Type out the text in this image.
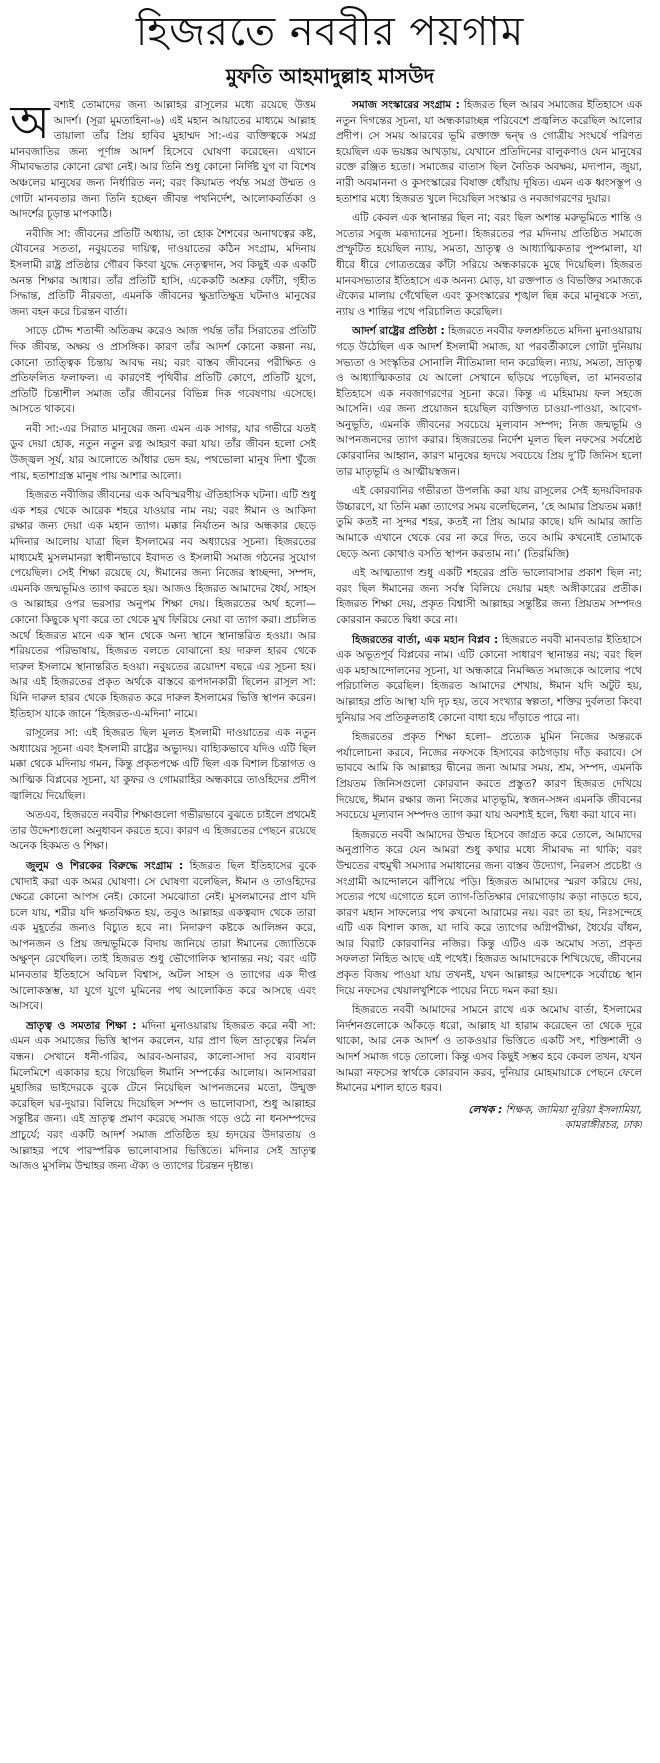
হিজরতে নববীর পয়গাম
মুফতি আহমাদুল্লাহ মাসউদ

অবশ্যই তোমাদের জন্য আল্লাহর রাসূলের মধ্যে রয়েছে উত্তম আদর্শ। (সূরা মুমতাহিনা-৬) এই মহান আয়াতের মাধ্যমে আল্লাহ তায়ালা তাঁর প্রিয় হাবিব মুহাম্মদ সা:-এর ব্যক্তিত্বকে সমগ্র মানবজাতির জন্য পূর্ণাঙ্গ আদর্শ হিসেবে ঘোষণা করেছেন। এখানে সীমাবদ্ধতার কোনো রেখা নেই। আর তিনি শুধু কোনো নির্দিষ্ট যুগ বা বিশেষ অঞ্চলের মানুষের জন্য নির্ধারিত নন; বরং কিয়ামত পর্যন্ত সমগ্র উম্মত ও গোটা মানবতার জন্য তিনি হচ্ছেন জীবন্ত পথনির্দেশ, আলোকবর্তিকা ও আদর্শের চূড়ান্ত মাপকাঠি।

নবীজি সা: জীবনের প্রতিটি অধ্যায়, তা হোক শৈশবের অনাথত্বের কষ্ট, যৌবনের সততা, নবুয়তের দায়িত্ব, দাওয়াতের কঠিন সংগ্রাম, মদিনায় ইসলামী রাষ্ট্র প্রতিষ্ঠার গৌরব কিংবা যুদ্ধে নেতৃত্বদান, সব কিছুই এক একটি অনন্ত শিক্ষার আধার। তাঁর প্রতিটি হাসি, একেকটি অশ্রুর ফোঁটা, গৃহীত সিদ্ধান্ত, প্রতিটি নীরবতা, এমনকি জীবনের ক্ষুদ্রাতিক্ষুদ্র ঘটনাও মানুষের জন্য বহন করে চিরন্তন বার্তা।

সাড়ে চৌদ্দ শতাব্দী অতিক্রম করেও আজ পর্যন্ত তাঁর সিরাতের প্রতিটি দিক জীবন্ত, অক্ষয় ও প্রাসঙ্গিক। কারণ তাঁর আদর্শ কোনো কল্পনা নয়, কোনো তাত্ত্বিক চিন্তায় আবদ্ধ নয়; বরং বাস্তব জীবনের পরীক্ষিত ও প্রতিফলিত ফলাফল। এ কারণেই পৃথিবীর প্রতিটি কোণে, প্রতিটি যুগে, প্রতিটি চিন্তাশীল সমাজ তাঁর জীবনের বিভিন্ন দিক গবেষণায় এসেছে। আসতে থাকবে।

নবী সা:-এর সিরাত মানুষের জন্য এমন এক সাগর, যার গভীরে যতই ডুব দেয়া হোক, নতুন নতুন রত্ন আহরণ করা যায়। তাঁর জীবন হলো সেই উজ্জ্বল সূর্য, যার আলোতে আঁধার ভেদ হয়, পথভোলা মানুষ দিশা খুঁজে পায়, হতাশাগ্রস্ত মানুষ পায় আশার আলো।

হিজরত নবীজির জীবনের এক অবিস্মরণীয় ঐতিহাসিক ঘটনা। এটি শুধু এক শহর থেকে আরেক শহরে যাওয়ার নাম নয়; বরং ঈমান ও আকিদা রক্ষার জন্য দেয়া এক মহান ত্যাগ। মক্কার নির্যাতন আর অন্ধকার ছেড়ে মদিনার আলোয় যাত্রা ছিল ইসলামের নব অধ্যায়ের সূচনা। হিজরতের মাধ্যমেই মুসলমানরা স্বাধীনভাবে ইবাদত ও ইসলামী সমাজ গঠনের সুযোগ পেয়েছিল। সেই শিক্ষা রয়েছে যে, ঈমানের জন্য নিজের স্বাচ্ছন্দ্য, সম্পদ, এমনকি জন্মভূমিও ত্যাগ করতে হয়। আজও হিজরত আমাদের ধৈর্য, সাহস ও আল্লাহর ওপর ভরসার অনুপম শিক্ষা দেয়। হিজরতের অর্থ হলো— কোনো কিছুকে ঘৃণা করে তা থেকে মুখ ফিরিয়ে নেয়া বা ত্যাগ করা। প্রচলিত অর্থে হিজরত মানে এক স্থান থেকে অন্য স্থানে স্থানান্তরিত হওয়া। আর শরিয়তের পরিভাষায়, হিজরত বলতে বোঝানো হয় দারুল হারব থেকে দারুল ইসলামে স্থানান্তরিত হওয়া। নবুয়তের ত্রয়োদশ বছরে এর সূচনা হয়। আর এই হিজরতের প্রকৃত অর্থকে বাস্তবে রূপদানকারী ছিলেন রাসূল সা: যিনি দারুল হারব থেকে হিজরত করে দারুল ইসলামের ভিত্তি স্থাপন করেন। ইতিহাস যাকে জানে ‘হিজরত-এ-মদিনা’ নামে।

রাসূলের সা: এই হিজরত ছিল মূলত ইসলামী দাওয়াতের এক নতুন অধ্যায়ের সূচনা এবং ইসলামী রাষ্ট্রের অভ্যুদয়। বাহ্যিকভাবে যদিও এটি ছিল মক্কা থেকে মদিনায় গমন, কিন্তু প্রকৃতপক্ষে এটি ছিল এক বিশাল চিন্তাগত ও আত্মিক বিপ্লবের সূচনা, যা কুফর ও গোমরাহির অন্ধকারে তাওহিদের প্রদীপ জ্বালিয়ে দিয়েছিল।

অতএব, হিজরতে নববীর শিক্ষাগুলো গভীরভাবে বুঝতে চাইলে প্রথমেই তার উদ্দেশ্যগুলো অনুধাবন করতে হবে। কারণ এ হিজরতের পেছনে রয়েছে অনেক হিকমত ও শিক্ষা।

জুলুম ও শিরকের বিরুদ্ধে সংগ্রাম : হিজরত ছিল ইতিহাসের বুকে খোদাই করা এক অমর ঘোষণা। সে ঘোষণা বলেছিল, ঈমান ও তাওহিদের ক্ষেত্রে কোনো আপস নেই। কোনো সমঝোতা নেই। মুসলমানের প্রাণ যদি চলে যায়, শরীর যদি ক্ষতবিক্ষত হয়, তবুও আল্লাহর একত্ববাদ থেকে তারা এক মুহূর্তের জন্যও বিচ্যুত হবে না। নিদারুণ কষ্টকে আলিঙ্গন করে, আপনজন ও প্রিয় জন্মভূমিকে বিদায় জানিয়ে তারা ঈমানের জ্যোতিকে অক্ষুণ্ন রেখেছিল। তাই হিজরত শুধু ভৌগোলিক স্থানান্তর নয়; বরং এটি মানবতার ইতিহাসে অবিচল বিশ্বাস, অটল সাহস ও ত্যাগের এক দীপ্ত আলোকস্তম্ভ, যা যুগে যুগে মুমিনের পথ আলোকিত করে আসছে এবং আসবে।

ভ্রাতৃত্ব ও সমতার শিক্ষা : মদিনা মুনাওয়ারায় হিজরত করে নবী সা: এমন এক সমাজের ভিত্তি স্থাপন করলেন, যার প্রাণ ছিল ভ্রাতৃত্বের নির্মল বন্ধন। সেখানে ধনী-গরিব, আরব-অনারব, কালো-সাদা সব ব্যবধান মিলেমিশে একাকার হয়ে গিয়েছিল ঈমানি সম্পর্কের আলোয়। আনসাররা মুহাজির ভাইদেরকে বুকে টেনে নিয়েছিল আপনজনের মতো, উন্মুক্ত করেছিল ঘর-দুয়ার। বিলিয়ে দিয়েছিল সম্পদ ও ভালোবাসা, শুধু আল্লাহর সন্তুষ্টির জন্য। এই ভ্রাতৃত্ব প্রমাণ করেছে সমাজ গড়ে ওঠে না ধনসম্পদের প্রাচুর্যে; বরং একটি আদর্শ সমাজ প্রতিষ্ঠিত হয় হৃদয়ের উদারতায় ও আল্লাহর পথে পারস্পরিক ভালোবাসার ভিত্তিতে। মদিনার সেই ভ্রাতৃত্ব আজও মুসলিম উম্মাহর জন্য ঐক্য ও ত্যাগের চিরন্তন দৃষ্টান্ত।

সমাজ সংস্কারের সংগ্রাম : হিজরত ছিল আরব সমাজের ইতিহাসে এক নতুন দিগন্তের সূচনা, যা অন্ধকারাচ্ছন্ন পরিবেশে প্রজ্বলিত করেছিল আলোর প্রদীপ। সে সময় আরবের ভূমি রক্তাক্ত দ্বন্দ্ব ও গোত্রীয় সংঘর্ষে পরিণত হয়েছিল এক ভয়ঙ্কর আখড়ায়, যেখানে প্রতিদিনের বালুকণাও যেন মানুষের রক্তে রঞ্জিত হতো। সমাজের বাতাস ছিল নৈতিক অবক্ষয়, মদ্যপান, জুয়া, নারী অবমাননা ও কুসংস্কারের বিষাক্ত ধোঁয়ায় দূষিত। এমন এক ধ্বংসস্তূপ ও হতাশার মধ্যে হিজরত খুলে দিয়েছিল সংস্কার ও নবজাগরণের দুয়ার।

এটি কেবল এক স্থানান্তর ছিল না; বরং ছিল অশান্ত মরুভূমিতে শান্তি ও সত্যের সবুজ মরূদ্যানের সূচনা। হিজরতের পর মদিনায় প্রতিষ্ঠিত সমাজে প্রস্ফুটিত হয়েছিল ন্যায়, সমতা, ভ্রাতৃত্ব ও আধ্যাত্মিকতার পুষ্পমালা, যা ধীরে ধীরে গোত্রতন্ত্রের কাঁটা সরিয়ে অন্ধকারকে মুছে দিয়েছিল। হিজরত মানবসভ্যতার ইতিহাসে এক অনন্য মোড়, যা রক্তপাত ও বিভক্তির সমাজকে ঐক্যের মালায় গেঁথেছিল এবং কুসংস্কারের শৃঙ্খল ছিন্ন করে মানুষকে সত্য, ন্যায় ও শান্তির পথে পরিচালিত করেছিল।

আদর্শ রাষ্ট্রের প্রতিষ্ঠা : হিজরতে নববীর ফলশ্রুতিতে মদিনা মুনাওয়ারায় গড়ে উঠেছিল এক আদর্শ ইসলামী সমাজ, যা পরবর্তীকালে গোটা দুনিয়ায় সভ্যতা ও সংস্কৃতির সোনালি নীতিমালা দান করেছিল। ন্যায়, সমতা, ভ্রাতৃত্ব ও আধ্যাত্মিকতার যে আলো সেখানে ছড়িয়ে পড়েছিল, তা মানবতার ইতিহাসে এক নবজাগরণের সূচনা করে। কিন্তু এ মহিমাময় ফল সহজে আসেনি। এর জন্য প্রয়োজন হয়েছিল ব্যক্তিগত চাওয়া-পাওয়া, আবেগ-অনুভূতি, এমনকি জীবনের সবচেয়ে মূল্যবান সম্পদ; নিজ জন্মভূমি ও আপনজনদের ত্যাগ করার। হিজরতের নির্দেশ মূলত ছিল নফসের সর্বশ্রেষ্ঠ কোরবানির আহ্বান, কারণ মানুষের হৃদয়ে সবচেয়ে প্রিয় দু’টি জিনিস হলো তার মাতৃভূমি ও আত্মীয়স্বজন।

এই কোরবানির গভীরতা উপলব্ধি করা যায় রাসূলের সেই হৃদয়বিদারক উচ্চারণে, যা তিনি মক্কা ত্যাগের সময় বলেছিলেন, ‘হে আমার প্রিয়তম মক্কা! তুমি কতই না সুন্দর শহর, কতই না প্রিয় আমার কাছে। যদি আমার জাতি আমাকে এখানে থেকে বের না করে দিত, তবে আমি কখনোই তোমাকে ছেড়ে অন্য কোথাও বসতি স্থাপন করতাম না।’ (তিরমিজি)

এই আত্মত্যাগ শুধু একটি শহরের প্রতি ভালোবাসার প্রকাশ ছিল না; বরং ছিল ঈমানের জন্য সর্বস্ব বিলিয়ে দেয়ার মহৎ অঙ্গীকারের প্রতীক। হিজরত শিক্ষা দেয়, প্রকৃত বিশ্বাসী আল্লাহর সন্তুষ্টির জন্য প্রিয়তম সম্পদও কোরবান করতে দ্বিধা করে না।

হিজরতের বার্তা, এক মহান বিপ্লব : হিজরতে নববী মানবতার ইতিহাসে এক অভূতপূর্ব বিপ্লবের নাম। এটি কোনো সাধারণ স্থানান্তর নয়; বরং ছিল এক মহাআন্দোলনের সূচনা, যা অন্ধকারে নিমজ্জিত সমাজকে আলোর পথে পরিচালিত করেছিল। হিজরত আমাদের শেখায়, ঈমান যদি অটুট হয়, আল্লাহর প্রতি আস্থা যদি দৃঢ় হয়, তবে সংখ্যার স্বল্পতা, শক্তির দুর্বলতা কিংবা দুনিয়ার সব প্রতিকূলতাই কোনো বাধা হয়ে দাঁড়াতে পারে না।

হিজরতের প্রকৃত শিক্ষা হলো– প্রত্যেক মুমিন নিজের অন্তরকে পর্যালোচনা করবে, নিজের নফসকে হিসাবের কাঠগড়ায় দাঁড় করাবে। সে ভাববে আমি কি আল্লাহর দ্বীনের জন্য আমার সময়, শ্রম, সম্পদ, এমনকি প্রিয়তম জিনিসগুলো কোরবান করতে প্রস্তুত? কারণ হিজরত দেখিয়ে দিয়েছে, ঈমান রক্ষার জন্য নিজের মাতৃভূমি, স্বজন-সঙ্গন এমনকি জীবনের সবচেয়ে মূল্যবান সম্পদও ত্যাগ করা যায় অবশ্যই হলে, দ্বিধা করা যাবে না।

হিজরতে নববী আমাদের উম্মত হিসেবে জাগ্রত করে তোলে, আমাদের অনুপ্রাণিত করে যেন আমরা শুধু কথার মধ্যে সীমাবদ্ধ না থাকি; বরং উম্মতের বহুমুখী সমস্যার সমাধানের জন্য বাস্তব উদ্যোগ, নিরলস প্রচেষ্টা ও সংগ্রামী আন্দোলনে ঝাঁপিয়ে পড়ি। হিজরত আমাদের স্মরণ করিয়ে দেয়, সত্যের পথে এগোতে হলে ত্যাগ-তিতিক্ষার দোরগোড়ায় কড়া নাড়তে হবে, কারণ মহান সাফল্যের পথ কখনো আরামের নয়। বরং তা হয়, নিঃসন্দেহে এটি এক বিশাল কাজ, যা দাবি করে ত্যাগের অগ্নিপরীক্ষা, ধৈর্যের বাঁধন, আর বিরাট কোরবানির নজির। কিন্তু এটিও এক অমোঘ সত্য, প্রকৃত সফলতা নিহিত আছে এই পথেই। হিজরত আমাদেরকে শিখিয়েছে, জীবনের প্রকৃত বিজয় পাওয়া যায় তখনই, যখন আল্লাহর আদেশকে সর্বোচ্চে স্থান দিয়ে নফসের খেয়ালখুশিকে পায়ের নিচে দমন করা হয়।

হিজরতে নববী আমাদের সামনে রাখে এক অমোঘ বার্তা, ইসলামের নির্দশনগুলোকে আঁকড়ে ধরো, আল্লাহ যা হারাম করেছেন তা থেকে দূরে থাকো, আর নেক আদর্শ ও তাকওয়ার ভিত্তিতে একটি সৎ, শক্তিশালী ও আদর্শ সমাজ গড়ে তোলো। কিন্তু এসব কিছুই সম্ভব হবে কেবল তখন, যখন আমরা নফসের স্বার্থকে কোরবান করব, দুনিয়ার মোহমায়াকে পেছনে ফেলে ঈমানের মশাল হাতে ধরব।

লেখক : শিক্ষক, জামিয়া নূরিয়া ইসলামিয়া,
কামরাঙ্গীরচর, ঢাকা
